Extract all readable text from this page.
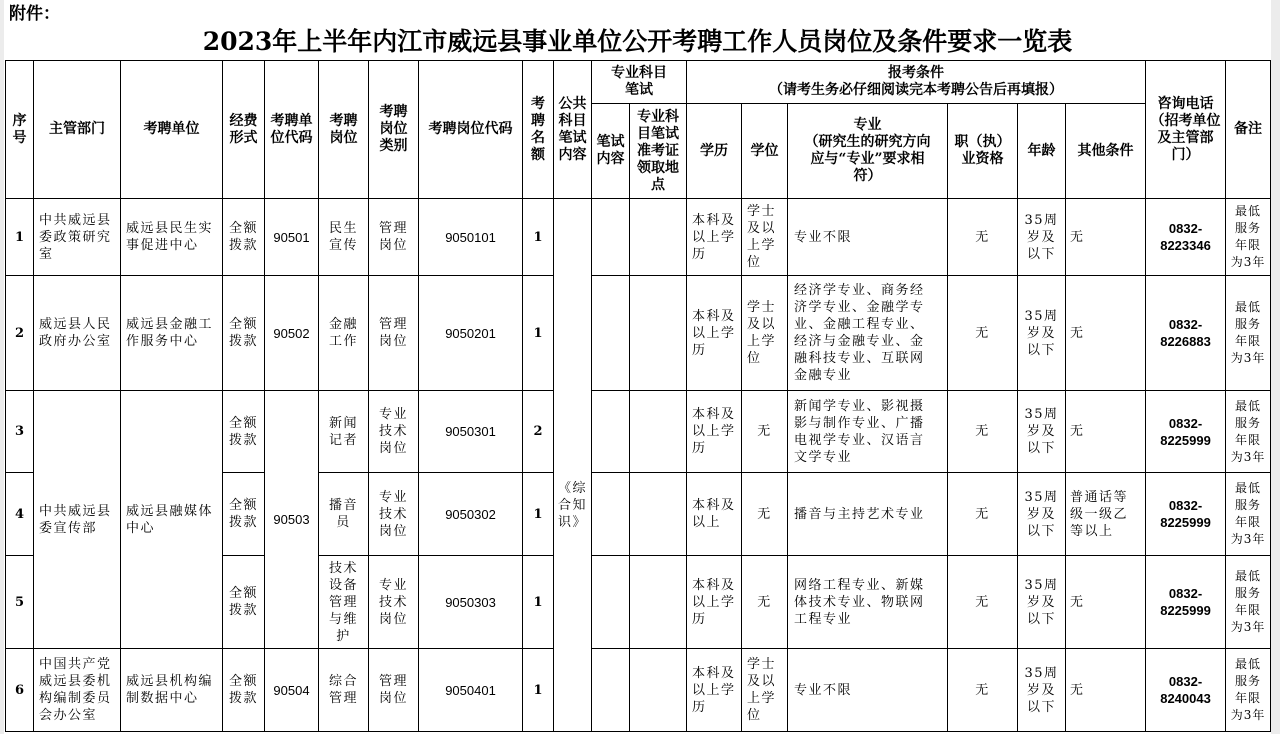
附件：
2023年上半年内江市威远县事业单位公开考聘工作人员岗位及条件要求一览表
序号	主管部门	考聘单位	经费形式	考聘单位代码	考聘岗位	考聘岗位类别	考聘岗位代码	考聘名额	公共科目笔试内容	专业科目笔试		报考条件
（请考生务必仔细阅读完本考聘公告后再填报）						咨询电话（招考单位及主管部门）	备注
										笔试内容	专业科目笔试准考证领取地点	学历	学位	专业
（研究生的研究方向应与“专业”要求相符）	职（执）业资格	年龄	其他条件		
1	中共威远县委政策研究室	威远县民生实事促进中心	全额拨款	90501	民生宣传	管理岗位	9050101	1	《综合知识》			本科及以上学历	学士及以上学位	专业不限	无	35周岁及以下	无	0832-8223346	最低服务年限为3年
2	威远县人民政府办公室	威远县金融工作服务中心	全额拨款	90502	金融工作	管理岗位	9050201	1				本科及以上学历	学士及以上学位	经济学专业、商务经济学专业、金融学专业、金融工程专业、经济与金融专业、金融科技专业、互联网金融专业	无	35周岁及以下	无	0832-8226883	最低服务年限为3年
3	中共威远县委宣传部	威远县融媒体中心	全额拨款	90503	新闻记者	专业技术岗位	9050301	2				本科及以上学历	无	新闻学专业、影视摄影与制作专业、广播电视学专业、汉语言文学专业	无	35周岁及以下	无	0832-8225999	最低服务年限为3年
4			全额拨款		播音员	专业技术岗位	9050302	1				本科及以上	无	播音与主持艺术专业	无	35周岁及以下	普通话等级一级乙等以上	0832-8225999	最低服务年限为3年
5			全额拨款		技术设备管理与维护	专业技术岗位	9050303	1				本科及以上学历	无	网络工程专业、新媒体技术专业、物联网工程专业	无	35周岁及以下	无	0832-8225999	最低服务年限为3年
6	中国共产党威远县委机构编制委员会办公室	威远县机构编制数据中心	全额拨款	90504	综合管理	管理岗位	9050401	1				本科及以上学历	学士及以上学位	专业不限	无	35周岁及以下	无	0832-8240043	最低服务年限为3年
